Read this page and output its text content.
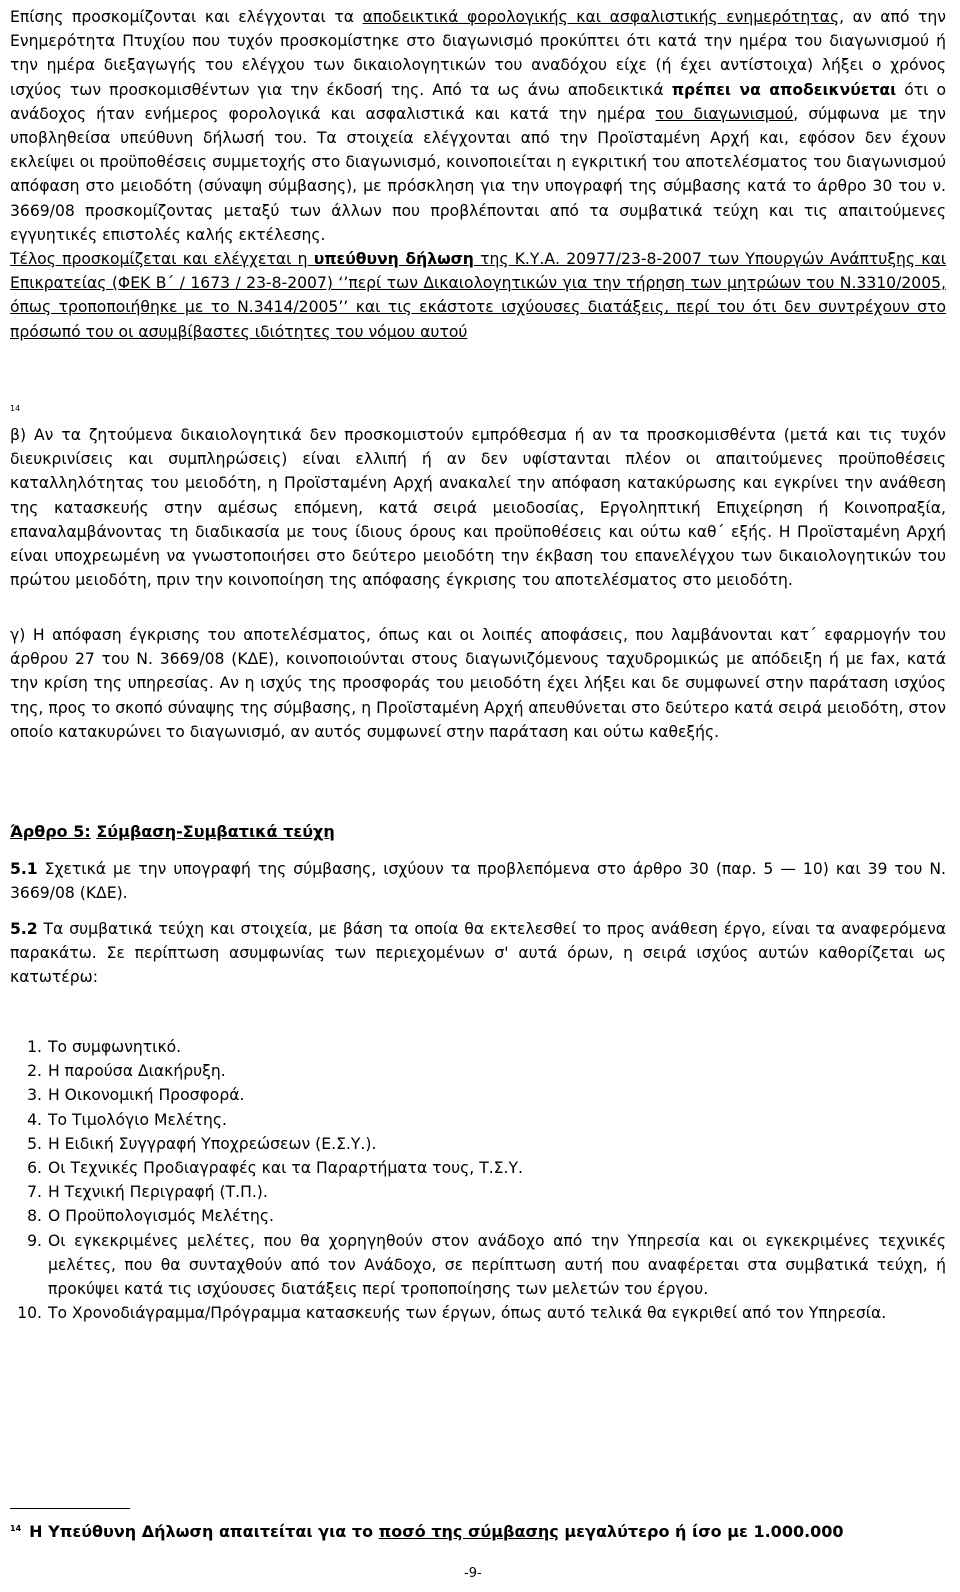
Επίσης προσκομίζονται και ελέγχονται τα αποδεικτικά φορολογικής και ασφαλιστικής ενημερότητας, αν από την Ενημερότητα Πτυχίου που τυχόν προσκομίστηκε στο διαγωνισμό προκύπτει ότι κατά την ημέρα του διαγωνισμού ή την ημέρα διεξαγωγής του ελέγχου των δικαιολογητικών του αναδόχου είχε (ή έχει αντίστοιχα) λήξει ο χρόνος ισχύος των προσκομισθέντων για την έκδοσή της. Από τα ως άνω αποδεικτικά πρέπει να αποδεικνύεται ότι ο ανάδοχος ήταν ενήμερος φορολογικά και ασφαλιστικά και κατά την ημέρα του διαγωνισμού, σύμφωνα με την υποβληθείσα υπεύθυνη δήλωσή του. Τα στοιχεία ελέγχονται από την Προϊσταμένη Αρχή και, εφόσον δεν έχουν εκλείψει οι προϋποθέσεις συμμετοχής στο διαγωνισμό, κοινοποιείται η εγκριτική του αποτελέσματος του διαγωνισμού απόφαση στο μειοδότη (σύναψη σύμβασης), με πρόσκληση για την υπογραφή της σύμβασης κατά το άρθρο 30 του ν. 3669/08 προσκομίζοντας μεταξύ των άλλων που προβλέπονται από τα συμβατικά τεύχη και τις απαιτούμενες εγγυητικές επιστολές καλής εκτέλεσης.
Τέλος προσκομίζεται και ελέγχεται η υπεύθυνη δήλωση της Κ.Υ.Α. 20977/23-8-2007 των Υπουργών Ανάπτυξης και Επικρατείας (ΦΕΚ Β΄ / 1673 / 23-8-2007) ‘’περί των Δικαιολογητικών για την τήρηση των μητρώων του Ν.3310/2005, όπως τροποποιήθηκε με το Ν.3414/2005’’ και τις εκάστοτε ισχύουσες διατάξεις, περί του ότι δεν συντρέχουν στο πρόσωπό του οι ασυμβίβαστες ιδιότητες του νόμου αυτού

14

β) Αν τα ζητούμενα δικαιολογητικά δεν προσκομιστούν εμπρόθεσμα ή αν τα προσκομισθέντα (μετά και τις τυχόν διευκρινίσεις και συμπληρώσεις) είναι ελλιπή ή αν δεν υφίστανται πλέον οι απαιτούμενες προϋποθέσεις καταλληλότητας του μειοδότη, η Προϊσταμένη Αρχή ανακαλεί την απόφαση κατακύρωσης και εγκρίνει την ανάθεση της κατασκευής στην αμέσως επόμενη, κατά σειρά μειοδοσίας, Εργοληπτική Επιχείρηση ή Κοινοπραξία, επαναλαμβάνοντας τη διαδικασία με τους ίδιους όρους και προϋποθέσεις και ούτω καθ΄ εξής. Η Προϊσταμένη Αρχή είναι υποχρεωμένη να γνωστοποιήσει στο δεύτερο μειοδότη την έκβαση του επανελέγχου των δικαιολογητικών του πρώτου μειοδότη, πριν την κοινοποίηση της απόφασης έγκρισης του αποτελέσματος στο μειοδότη.

γ) Η απόφαση έγκρισης του αποτελέσματος, όπως και οι λοιπές αποφάσεις, που λαμβάνονται κατ΄ εφαρμογήν του άρθρου 27 του Ν. 3669/08 (ΚΔΕ), κοινοποιούνται στους διαγωνιζόμενους ταχυδρομικώς με απόδειξη ή με fax, κατά την κρίση της υπηρεσίας. Αν η ισχύς της προσφοράς του μειοδότη έχει λήξει και δε συμφωνεί στην παράταση ισχύος της, προς το σκοπό σύναψης της σύμβασης, η Προϊσταμένη Αρχή απευθύνεται στο δεύτερο κατά σειρά μειοδότη, στον οποίο κατακυρώνει το διαγωνισμό, αν αυτός συμφωνεί στην παράταση και ούτω καθεξής.

Άρθρο 5: Σύμβαση-Συμβατικά τεύχη

5.1 Σχετικά με την υπογραφή της σύμβασης, ισχύουν τα προβλεπόμενα στο άρθρο 30 (παρ. 5 — 10) και 39 του Ν. 3669/08 (ΚΔΕ).

5.2 Τα συμβατικά τεύχη και στοιχεία, με βάση τα οποία θα εκτελεσθεί το προς ανάθεση έργο, είναι τα αναφερόμενα παρακάτω. Σε περίπτωση ασυμφωνίας των περιεχομένων σ' αυτά όρων, η σειρά ισχύος αυτών καθορίζεται ως κατωτέρω:

1. Το συμφωνητικό.
2. Η παρούσα Διακήρυξη.
3. Η Οικονομική Προσφορά.
4. Το Τιμολόγιο Μελέτης.
5. Η Ειδική Συγγραφή Υποχρεώσεων (Ε.Σ.Υ.).
6. Οι Τεχνικές Προδιαγραφές και τα Παραρτήματα τους, Τ.Σ.Υ.
7. Η Τεχνική Περιγραφή (Τ.Π.).
8. Ο Προϋπολογισμός Μελέτης.
9. Οι εγκεκριμένες μελέτες, που θα χορηγηθούν στον ανάδοχο από την Υπηρεσία και οι εγκεκριμένες τεχνικές μελέτες, που θα συνταχθούν από τον Ανάδοχο, σε περίπτωση αυτή που αναφέρεται στα συμβατικά τεύχη, ή προκύψει κατά τις ισχύουσες διατάξεις περί τροποποίησης των μελετών του έργου.
10. Το Χρονοδιάγραμμα/Πρόγραμμα κατασκευής των έργων, όπως αυτό τελικά θα εγκριθεί από τον Υπηρεσία.
$^{14}$ Η Υπεύθυνη Δήλωση απαιτείται για το ποσό της σύμβασης μεγαλύτερο ή ίσο με 1.000.000
-9-
